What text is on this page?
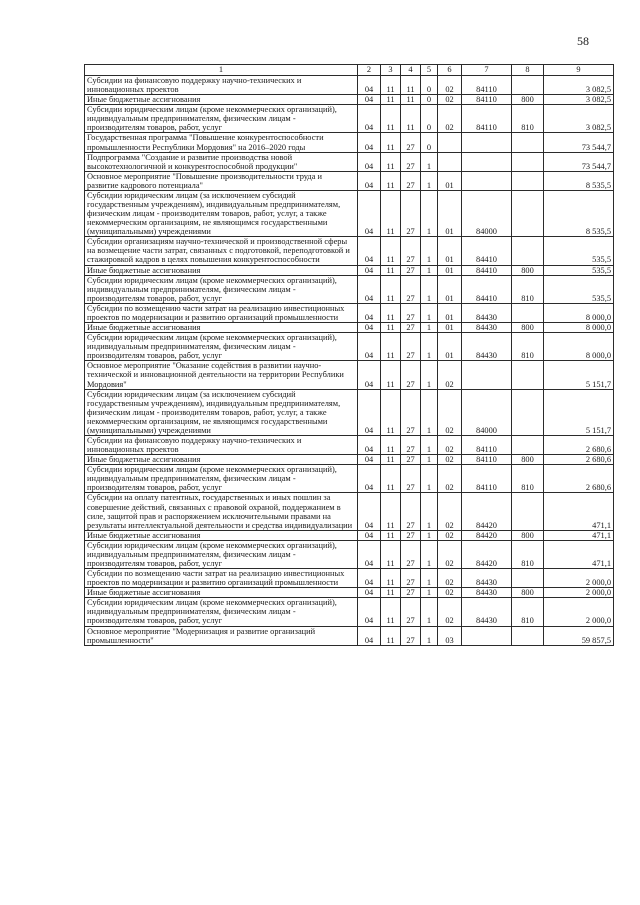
58
1	2	3	4	5	6	7	8	9
Субсидии на финансовую поддержку научно-технических и инновационных проектов	04	11	11	0	02	84110		3 082,5
Иные бюджетные ассигнования	04	11	11	0	02	84110	800	3 082,5
Субсидии юридическим лицам (кроме некоммерческих организаций), индивидуальным предпринимателям, физическим лицам - производителям товаров, работ, услуг	04	11	11	0	02	84110	810	3 082,5
Государственная программа "Повышение конкурентоспособности промышленности Республики Мордовия" на 2016–2020 годы	04	11	27	0				73 544,7
Подпрограмма "Создание и развитие производства новой высокотехнологичной и конкурентоспособной продукции"	04	11	27	1				73 544,7
Основное мероприятие "Повышение производительности труда и развитие кадрового потенциала"	04	11	27	1	01			8 535,5
Субсидии юридическим лицам (за исключением субсидий государственным учреждениям), индивидуальным предпринимателям, физическим лицам - производителям товаров, работ, услуг, а также некоммерческим организациям, не являющимся государственными (муниципальными) учреждениями	04	11	27	1	01	84000		8 535,5
Субсидии организациям научно-технической и производственной сферы на возмещение части затрат, связанных с подготовкой, переподготовкой и стажировкой кадров в целях повышения конкурентоспособности	04	11	27	1	01	84410		535,5
Иные бюджетные ассигнования	04	11	27	1	01	84410	800	535,5
Субсидии юридическим лицам (кроме некоммерческих организаций), индивидуальным предпринимателям, физическим лицам - производителям товаров, работ, услуг	04	11	27	1	01	84410	810	535,5
Субсидии по возмещению части затрат на реализацию инвестиционных проектов по модернизации и развитию организаций промышленности	04	11	27	1	01	84430		8 000,0
Иные бюджетные ассигнования	04	11	27	1	01	84430	800	8 000,0
Субсидии юридическим лицам (кроме некоммерческих организаций), индивидуальным предпринимателям, физическим лицам - производителям товаров, работ, услуг	04	11	27	1	01	84430	810	8 000,0
Основное мероприятие "Оказание содействия в развитии научно-технической и инновационной деятельности на территории Республики Мордовия"	04	11	27	1	02			5 151,7
Субсидии юридическим лицам (за исключением субсидий государственным учреждениям), индивидуальным предпринимателям, физическим лицам - производителям товаров, работ, услуг, а также некоммерческим организациям, не являющимся государственными (муниципальными) учреждениями	04	11	27	1	02	84000		5 151,7
Субсидии на финансовую поддержку научно-технических и инновационных проектов	04	11	27	1	02	84110		2 680,6
Иные бюджетные ассигнования	04	11	27	1	02	84110	800	2 680,6
Субсидии юридическим лицам (кроме некоммерческих организаций), индивидуальным предпринимателям, физическим лицам - производителям товаров, работ, услуг	04	11	27	1	02	84110	810	2 680,6
Субсидии на оплату патентных, государственных и иных пошлин за совершение действий, связанных с правовой охраной, поддержанием в силе, защитой прав и распоряжением исключительными правами на результаты интеллектуальной деятельности и средства индивидуализации	04	11	27	1	02	84420		471,1
Иные бюджетные ассигнования	04	11	27	1	02	84420	800	471,1
Субсидии юридическим лицам (кроме некоммерческих организаций), индивидуальным предпринимателям, физическим лицам - производителям товаров, работ, услуг	04	11	27	1	02	84420	810	471,1
Субсидии по возмещению части затрат на реализацию инвестиционных проектов по модернизации и развитию организаций промышленности	04	11	27	1	02	84430		2 000,0
Иные бюджетные ассигнования	04	11	27	1	02	84430	800	2 000,0
Субсидии юридическим лицам (кроме некоммерческих организаций), индивидуальным предпринимателям, физическим лицам - производителям товаров, работ, услуг	04	11	27	1	02	84430	810	2 000,0
Основное мероприятие "Модернизация и развитие организаций промышленности"	04	11	27	1	03			59 857,5
